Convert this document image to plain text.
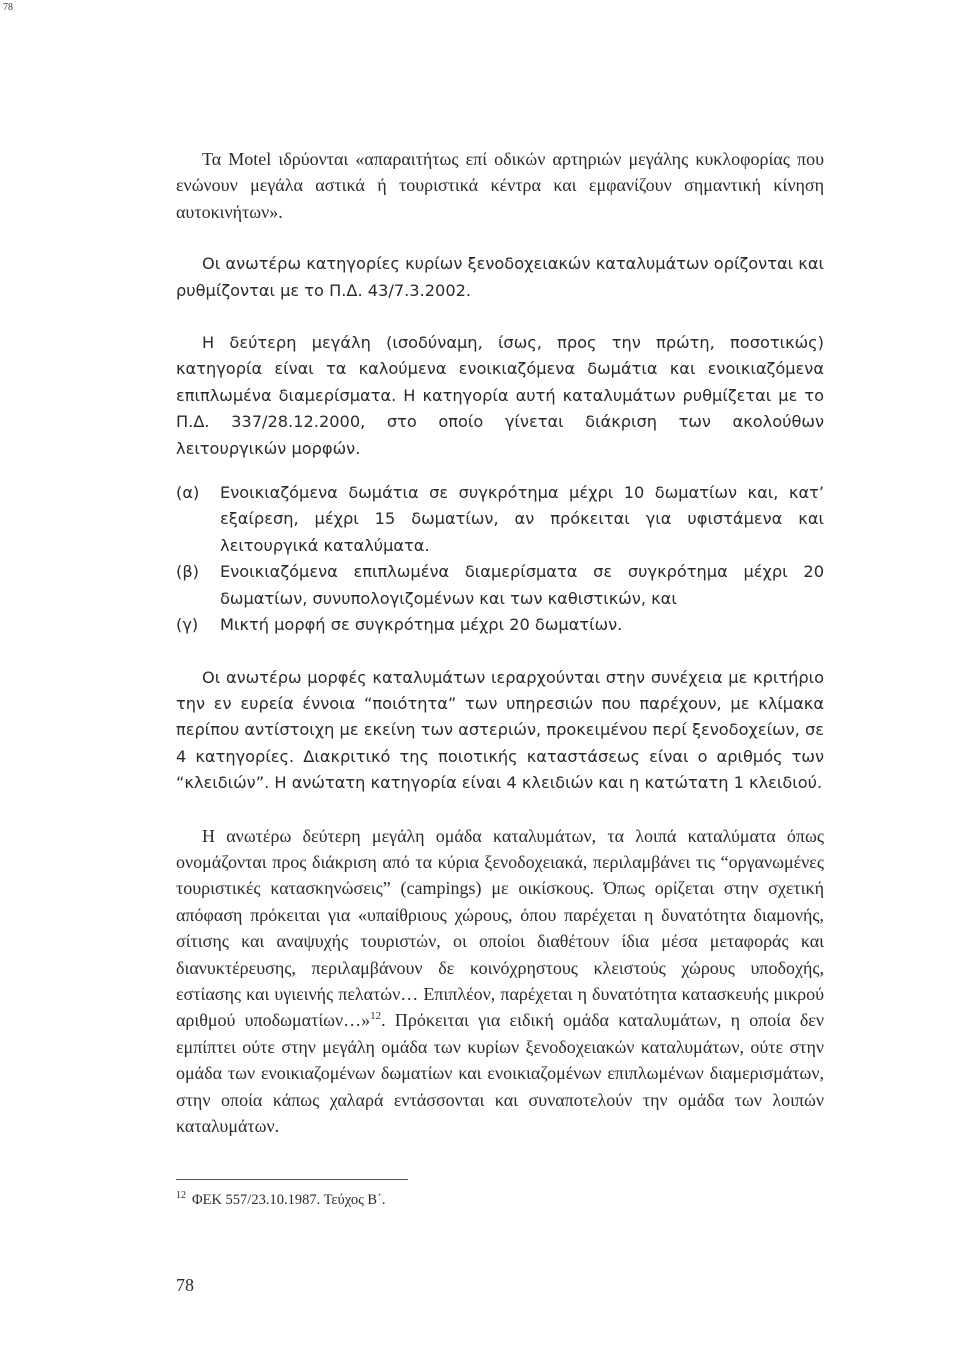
78

Τα Motel ιδρύονται «απαραιτήτως επί οδικών αρτηριών μεγάλης κυκλοφορίας που ενώνουν μεγάλα αστικά ή τουριστικά κέντρα και εμφανίζουν σημαντική κίνηση αυτοκινήτων».

Οι ανωτέρω κατηγορίες κυρίων ξενοδοχειακών καταλυμάτων ορίζονται και ρυθμίζονται με το Π.Δ. 43/7.3.2002.

Η δεύτερη μεγάλη (ισοδύναμη, ίσως, προς την πρώτη, ποσοτικώς) κατηγορία είναι τα καλούμενα ενοικιαζόμενα δωμάτια και ενοικιαζόμενα επιπλωμένα διαμερίσματα. Η κατηγορία αυτή καταλυμάτων ρυθμίζεται με το Π.Δ. 337/28.12.2000, στο οποίο γίνεται διάκριση των ακολούθων λειτουργικών μορφών.

(α)	Ενοικιαζόμενα δωμάτια σε συγκρότημα μέχρι 10 δωματίων και, κατ’ εξαίρεση, μέχρι 15 δωματίων, αν πρόκειται για υφιστάμενα και λειτουργικά καταλύματα.
(β)	Ενοικιαζόμενα επιπλωμένα διαμερίσματα σε συγκρότημα μέχρι 20 δωματίων, συνυπολογιζομένων και των καθιστικών, και
(γ)	Μικτή μορφή σε συγκρότημα μέχρι 20 δωματίων.

Οι ανωτέρω μορφές καταλυμάτων ιεραρχούνται στην συνέχεια με κριτήριο την εν ευρεία έννοια “ποιότητα” των υπηρεσιών που παρέχουν, με κλίμακα περίπου αντίστοιχη με εκείνη των αστεριών, προκειμένου περί ξενοδοχείων, σε 4 κατηγορίες. Διακριτικό της ποιοτικής καταστάσεως είναι ο αριθμός των “κλειδιών”. Η ανώτατη κατηγορία είναι 4 κλειδιών και η κατώτατη 1 κλειδιού.

Η ανωτέρω δεύτερη μεγάλη ομάδα καταλυμάτων, τα λοιπά καταλύματα όπως ονομάζονται προς διάκριση από τα κύρια ξενοδοχειακά, περιλαμβάνει τις “οργανωμένες τουριστικές κατασκηνώσεις” (campings) με οικίσκους. Όπως ορίζεται στην σχετική απόφαση πρόκειται για «υπαίθριους χώρους, όπου παρέχεται η δυνατότητα διαμονής, σίτισης και αναψυχής τουριστών, οι οποίοι διαθέτουν ίδια μέσα μεταφοράς και διανυκτέρευσης, περιλαμβάνουν δε κοινόχρηστους κλειστούς χώρους υποδοχής, εστίασης και υγιεινής πελατών… Επιπλέον, παρέχεται η δυνατότητα κατασκευής μικρού αριθμού υποδωματίων…»$^{12}$. Πρόκειται για ειδική ομάδα καταλυμάτων, η οποία δεν εμπίπτει ούτε στην μεγάλη ομάδα των κυρίων ξενοδοχειακών καταλυμάτων, ούτε στην ομάδα των ενοικιαζομένων δωματίων και ενοικιαζομένων επιπλωμένων διαμερισμάτων, στην οποία κάπως χαλαρά εντάσσονται και συναποτελούν την ομάδα των λοιπών καταλυμάτων.

$^{12}$ ΦΕΚ 557/23.10.1987. Τεύχος Β΄.
78
